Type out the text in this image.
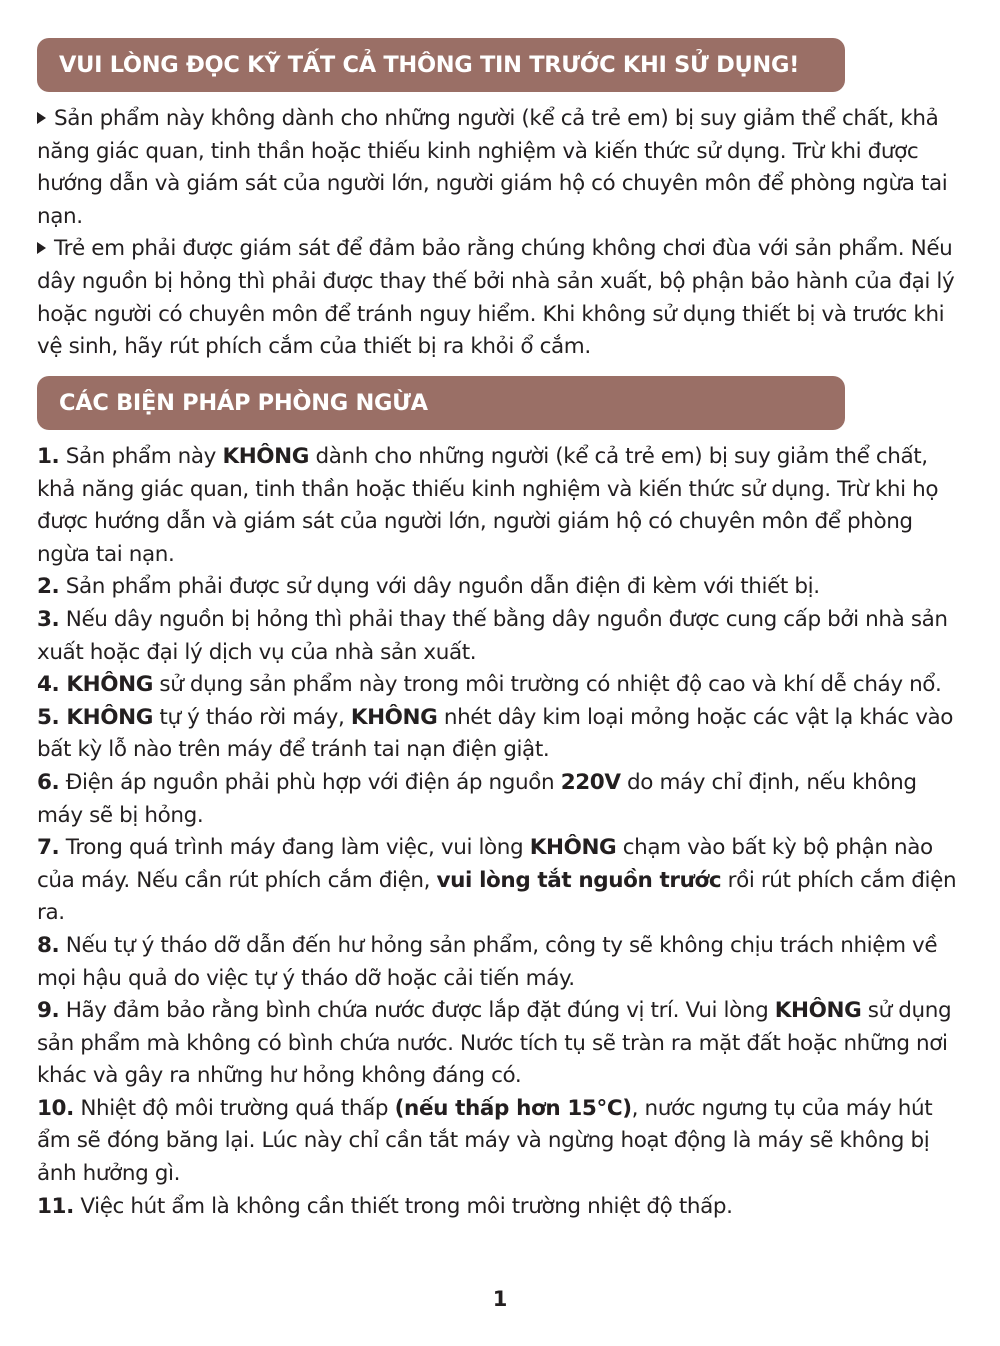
VUI LÒNG ĐỌC KỸ TẤT CẢ THÔNG TIN TRƯỚC KHI SỬ DỤNG!

Sản phẩm này không dành cho những người (kể cả trẻ em) bị suy giảm thể chất, khả năng giác quan, tinh thần hoặc thiếu kinh nghiệm và kiến thức sử dụng. Trừ khi được hướng dẫn và giám sát của người lớn, người giám hộ có chuyên môn để phòng ngừa tai nạn.

Trẻ em phải được giám sát để đảm bảo rằng chúng không chơi đùa với sản phẩm. Nếu dây nguồn bị hỏng thì phải được thay thế bởi nhà sản xuất, bộ phận bảo hành của đại lý hoặc người có chuyên môn để tránh nguy hiểm. Khi không sử dụng thiết bị và trước khi vệ sinh, hãy rút phích cắm của thiết bị ra khỏi ổ cắm.

CÁC BIỆN PHÁP PHÒNG NGỪA

1. Sản phẩm này KHÔNG dành cho những người (kể cả trẻ em) bị suy giảm thể chất, khả năng giác quan, tinh thần hoặc thiếu kinh nghiệm và kiến thức sử dụng. Trừ khi họ được hướng dẫn và giám sát của người lớn, người giám hộ có chuyên môn để phòng ngừa tai nạn.

2. Sản phẩm phải được sử dụng với dây nguồn dẫn điện đi kèm với thiết bị.

3. Nếu dây nguồn bị hỏng thì phải thay thế bằng dây nguồn được cung cấp bởi nhà sản xuất hoặc đại lý dịch vụ của nhà sản xuất.

4. KHÔNG sử dụng sản phẩm này trong môi trường có nhiệt độ cao và khí dễ cháy nổ.

5. KHÔNG tự ý tháo rời máy, KHÔNG nhét dây kim loại mỏng hoặc các vật lạ khác vào bất kỳ lỗ nào trên máy để tránh tai nạn điện giật.

6. Điện áp nguồn phải phù hợp với điện áp nguồn 220V do máy chỉ định, nếu không máy sẽ bị hỏng.

7. Trong quá trình máy đang làm việc, vui lòng KHÔNG chạm vào bất kỳ bộ phận nào của máy. Nếu cần rút phích cắm điện, vui lòng tắt nguồn trước rồi rút phích cắm điện ra.

8. Nếu tự ý tháo dỡ dẫn đến hư hỏng sản phẩm, công ty sẽ không chịu trách nhiệm về mọi hậu quả do việc tự ý tháo dỡ hoặc cải tiến máy.

9. Hãy đảm bảo rằng bình chứa nước được lắp đặt đúng vị trí. Vui lòng KHÔNG sử dụng sản phẩm mà không có bình chứa nước. Nước tích tụ sẽ tràn ra mặt đất hoặc những nơi khác và gây ra những hư hỏng không đáng có.

10. Nhiệt độ môi trường quá thấp (nếu thấp hơn 15°C), nước ngưng tụ của máy hút ẩm sẽ đóng băng lại. Lúc này chỉ cần tắt máy và ngừng hoạt động là máy sẽ không bị ảnh hưởng gì.

11. Việc hút ẩm là không cần thiết trong môi trường nhiệt độ thấp.

1
